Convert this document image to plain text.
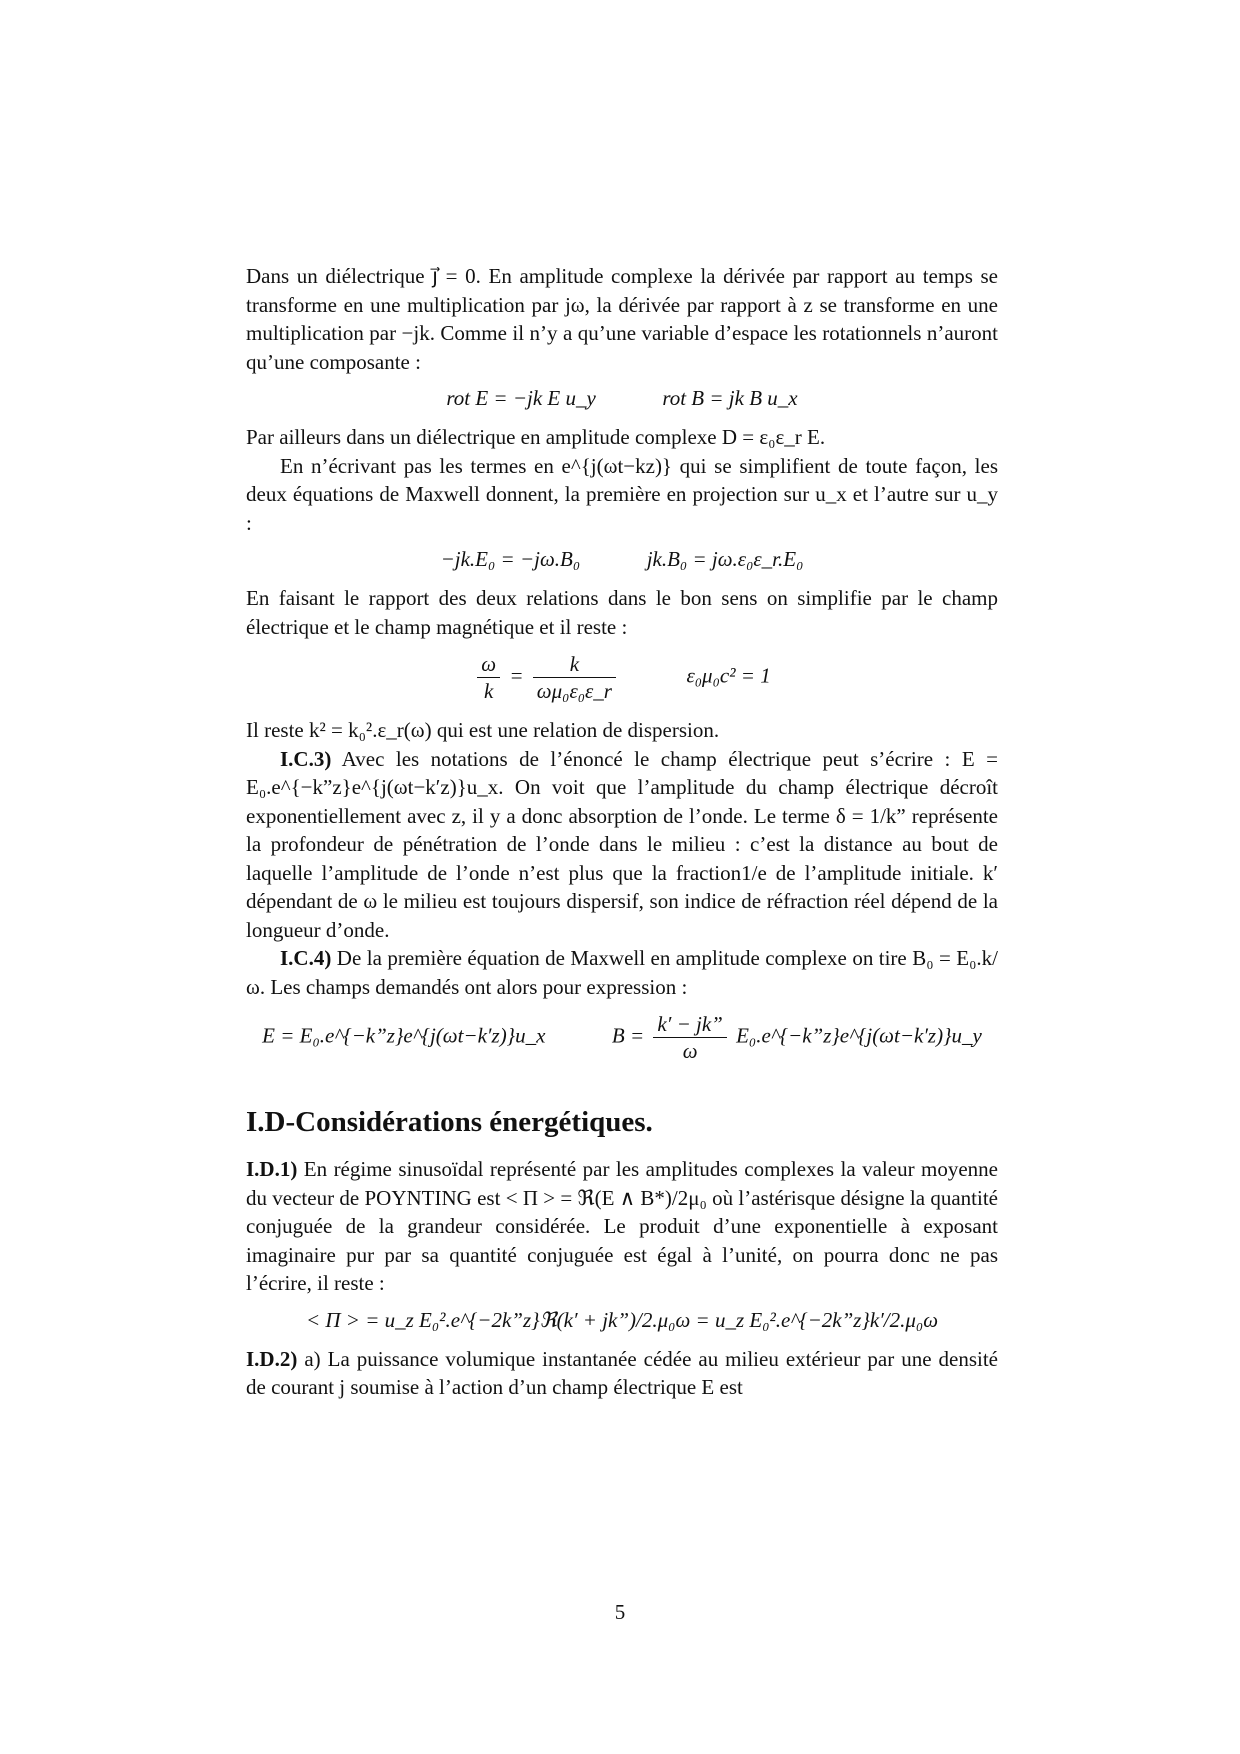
Dans un diélectrique j⃗ = 0. En amplitude complexe la dérivée par rapport au temps se transforme en une multiplication par jω, la dérivée par rapport à z se transforme en une multiplication par −jk. Comme il n’y a qu’une variable d’espace les rotationnels n’auront qu’une composante :

rot E = −jk E u_y	rot B = jk B u_x

Par ailleurs dans un diélectrique en amplitude complexe D = ε₀ε_r E.

En n’écrivant pas les termes en e^{j(ωt−kz)} qui se simplifient de toute façon, les deux équations de Maxwell donnent, la première en projection sur u_x et l’autre sur u_y :

−jk.E₀ = −jω.B₀	jk.B₀ = jω.ε₀ε_r.E₀

En faisant le rapport des deux relations dans le bon sens on simplifie par le champ électrique et le champ magnétique et il reste :

$\frac{\omega}{k} = \frac{k}{\text{ωμ₀ε₀ε\_r}}$	ε₀μ₀c² = 1

Il reste k² = k₀².ε_r(ω) qui est une relation de dispersion.

I.C.3) Avec les notations de l’énoncé le champ électrique peut s’écrire : E = E₀.e^{−k”z}e^{j(ωt−k′z)}u_x. On voit que l’amplitude du champ électrique décroît exponentiellement avec z, il y a donc absorption de l’onde. Le terme δ = 1/k” représente la profondeur de pénétration de l’onde dans le milieu : c’est la distance au bout de laquelle l’amplitude de l’onde n’est plus que la fraction1/e de l’amplitude initiale. k′ dépendant de ω le milieu est toujours dispersif, son indice de réfraction réel dépend de la longueur d’onde.

I.C.4) De la première équation de Maxwell en amplitude complexe on tire B₀ = E₀.k/ω. Les champs demandés ont alors pour expression :

E = E₀.e^{−k”z}e^{j(ωt−k′z)}u_x	$B = \frac{k' - jk”}{\omega}$ E₀.e^{−k”z}e^{j(ωt−k′z)}u_y
I.D-Considérations énergétiques.

I.D.1) En régime sinusoïdal représenté par les amplitudes complexes la valeur moyenne du vecteur de POYNTING est < Π > = ℜ(E ∧ B*)/2μ₀ où l’astérisque désigne la quantité conjuguée de la grandeur considérée. Le produit d’une exponentielle à exposant imaginaire pur par sa quantité conjuguée est égal à l’unité, on pourra donc ne pas l’écrire, il reste :

< Π > = u_z E₀².e^{−2k”z}ℜ(k′ + jk”)/2.μ₀ω = u_z E₀².e^{−2k”z}k′/2.μ₀ω

I.D.2) a) La puissance volumique instantanée cédée au milieu extérieur par une densité de courant j soumise à l’action d’un champ électrique E est

5
